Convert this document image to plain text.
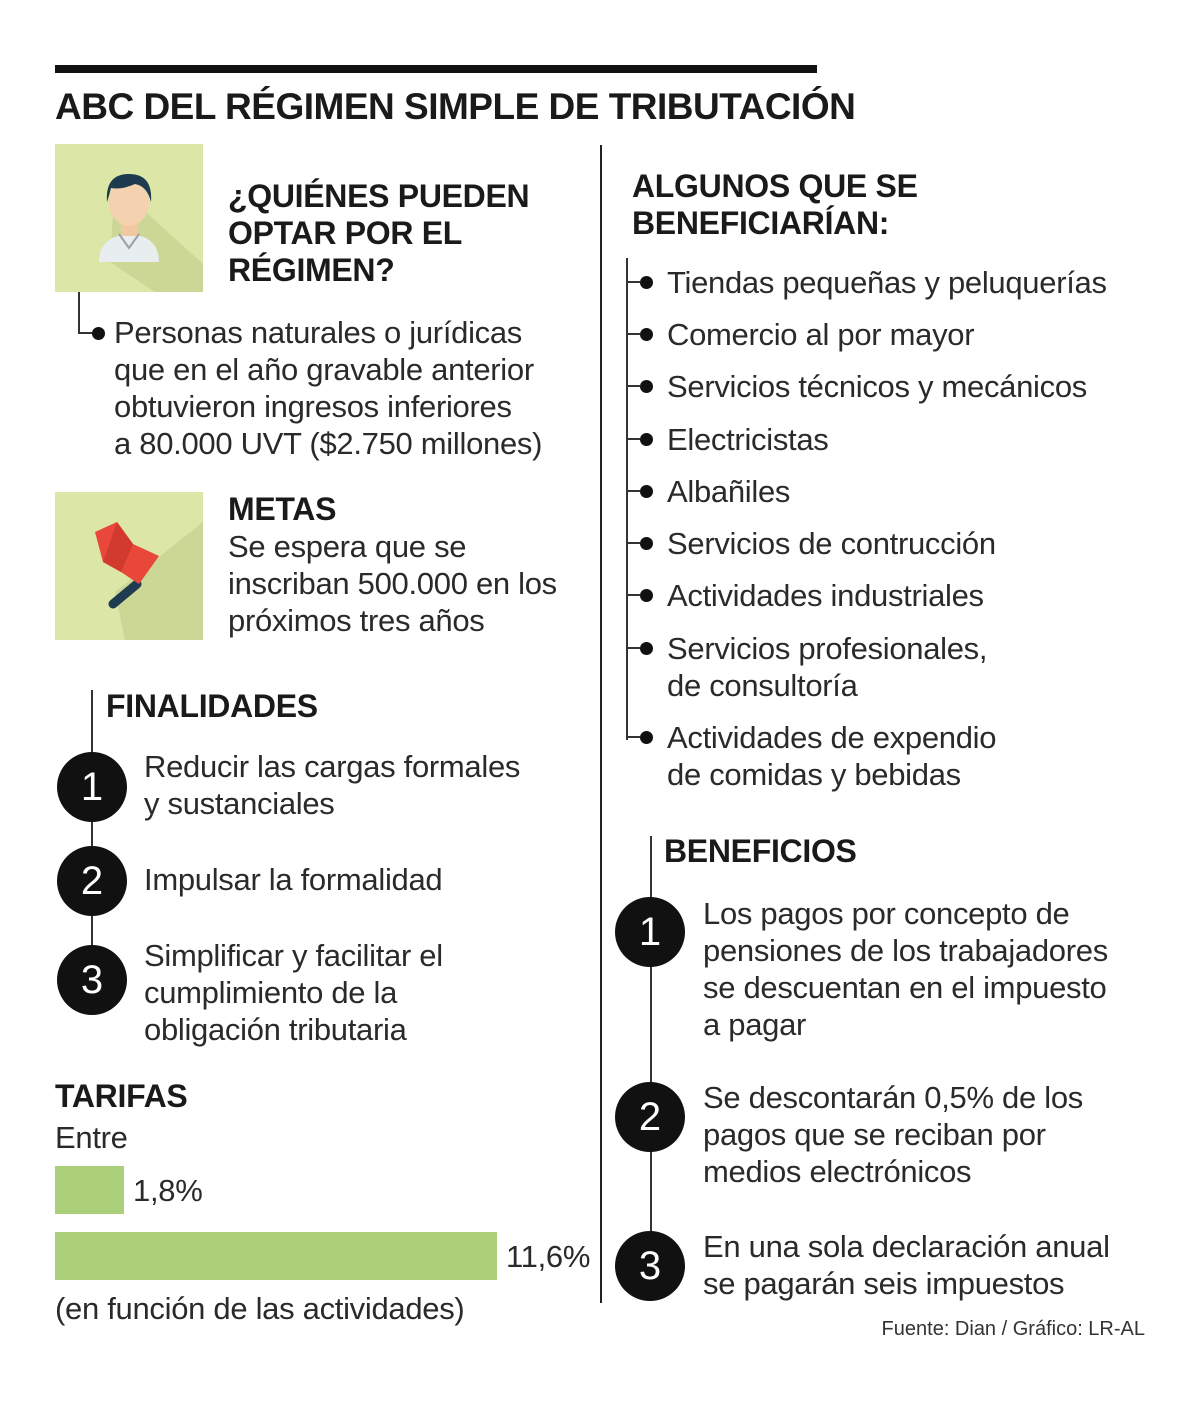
ABC DEL RÉGIMEN SIMPLE DE TRIBUTACIÓN
¿QUIÉNES PUEDEN
OPTAR POR EL
RÉGIMEN?
Personas naturales o jurídicas
que en el año gravable anterior
obtuvieron ingresos inferiores
a 80.000 UVT ($2.750 millones)
METAS
Se espera que se
inscriban 500.000 en los
próximos tres años
FINALIDADES
1	Reducir las cargas formales
y sustanciales
2	Impulsar la formalidad
3
Simplificar y facilitar el
cumplimiento de la
obligación tributaria
TARIFAS
Entre
1,8%
11,6%
(en función de las actividades)
ALGUNOS QUE SE
BENEFICIARÍAN:
Tiendas pequeñas y peluquerías
Comercio al por mayor
Servicios técnicos y mecánicos
Electricistas
Albañiles
Servicios de contrucción
Actividades industriales
Servicios profesionales,
de consultoría
Actividades de expendio
de comidas y bebidas
BENEFICIOS
1	Los pagos por concepto de
pensiones de los trabajadores
se descuentan en el impuesto
a pagar
2	Se descontarán 0,5% de los
pagos que se reciban por
medios electrónicos
3	En una sola declaración anual
se pagarán seis impuestos
Fuente: Dian / Gráfico: LR-AL
